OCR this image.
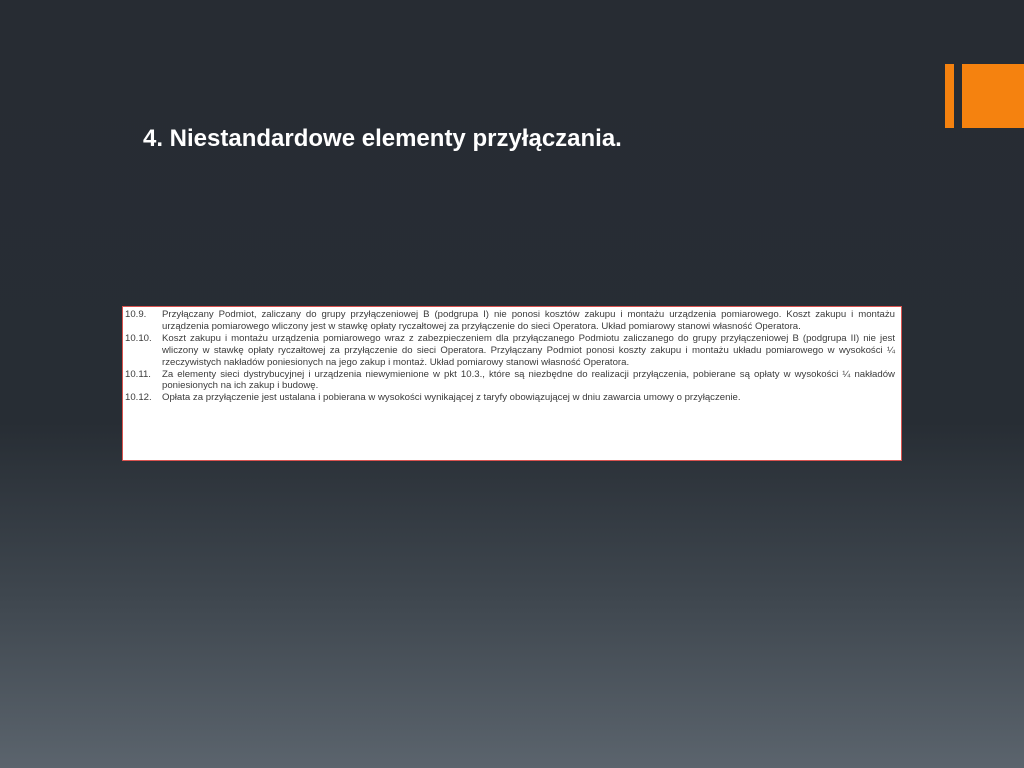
4. Niestandardowe elementy przyłączania.
10.9.	Przyłączany Podmiot, zaliczany do grupy przyłączeniowej B (podgrupa I) nie ponosi kosztów zakupu i montażu urządzenia pomiarowego. Koszt zakupu i montażu urządzenia pomiarowego wliczony jest w stawkę opłaty ryczałtowej za przyłączenie do sieci Operatora. Układ pomiarowy stanowi własność Operatora.
10.10.	Koszt zakupu i montażu urządzenia pomiarowego wraz z zabezpieczeniem dla przyłączanego Podmiotu zaliczanego do grupy przyłączeniowej B (podgrupa II) nie jest wliczony w stawkę opłaty ryczałtowej za przyłączenie do sieci Operatora. Przyłączany Podmiot ponosi koszty zakupu i montażu układu pomiarowego w wysokości ¼ rzeczywistych nakładów poniesionych na jego zakup i montaż. Układ pomiarowy stanowi własność Operatora.
10.11.	Za elementy sieci dystrybucyjnej i urządzenia niewymienione w pkt 10.3., które są niezbędne do realizacji przyłączenia, pobierane są opłaty w wysokości ¼ nakładów poniesionych na ich zakup i budowę.
10.12.	Opłata za przyłączenie jest ustalana i pobierana w wysokości wynikającej z taryfy obowiązującej w dniu zawarcia umowy o przyłączenie.
